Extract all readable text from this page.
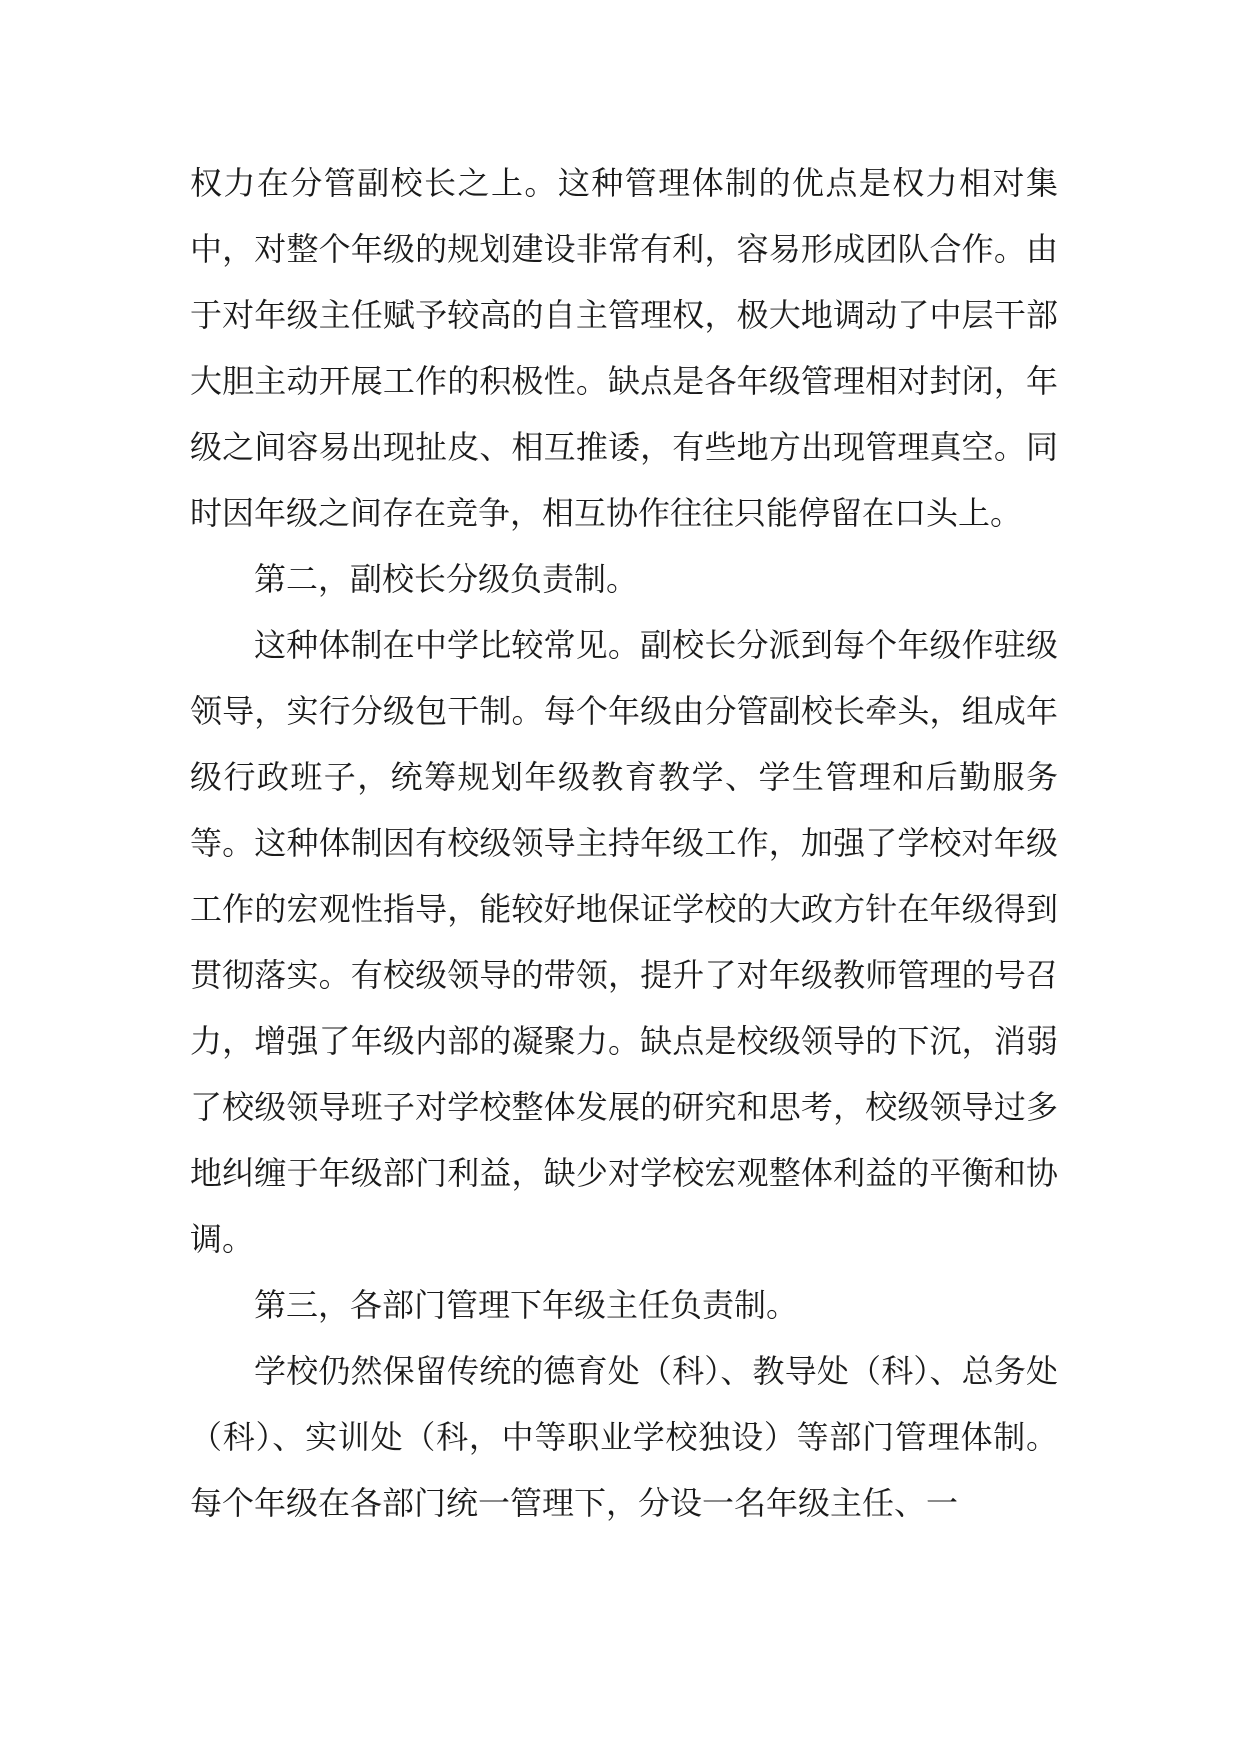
权力在分管副校长之上。这种管理体制的优点是权力相对集中，对整个年级的规划建设非常有利，容易形成团队合作。由于对年级主任赋予较高的自主管理权，极大地调动了中层干部大胆主动开展工作的积极性。缺点是各年级管理相对封闭，年级之间容易出现扯皮、相互推诿，有些地方出现管理真空。同时因年级之间存在竞争，相互协作往往只能停留在口头上。

第二，副校长分级负责制。

这种体制在中学比较常见。副校长分派到每个年级作驻级领导，实行分级包干制。每个年级由分管副校长牵头，组成年级行政班子，统筹规划年级教育教学、学生管理和后勤服务等。这种体制因有校级领导主持年级工作，加强了学校对年级工作的宏观性指导，能较好地保证学校的大政方针在年级得到贯彻落实。有校级领导的带领，提升了对年级教师管理的号召力，增强了年级内部的凝聚力。缺点是校级领导的下沉，消弱了校级领导班子对学校整体发展的研究和思考，校级领导过多地纠缠于年级部门利益，缺少对学校宏观整体利益的平衡和协调。

第三，各部门管理下年级主任负责制。

学校仍然保留传统的德育处（科）、教导处（科）、总务处（科）、实训处（科，中等职业学校独设）等部门管理体制。每个年级在各部门统一管理下，分设一名年级主任、一
